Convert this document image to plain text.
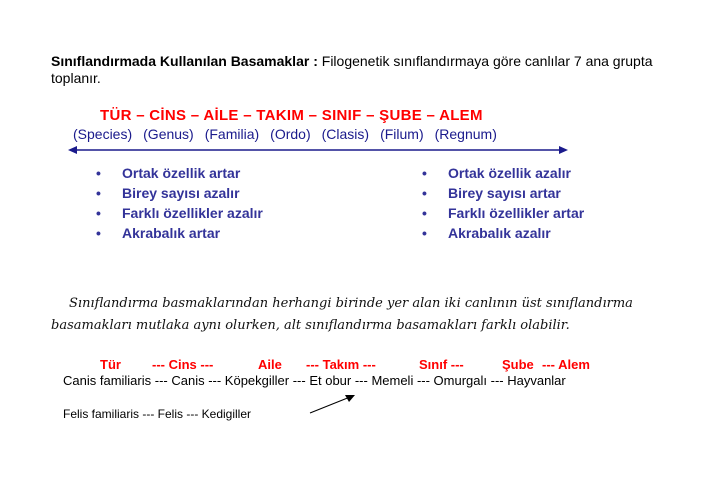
Sınıflandırmada Kullanılan Basamaklar : Filogenetik sınıflandırmaya göre canlılar 7 ana grupta toplanır.
TÜR – CİNS – AİLE – TAKIM – SINIF – ŞUBE – ALEM
(Species) (Genus) (Familia) (Ordo) (Clasis) (Filum) (Regnum)
• Ortak özellik artar
• Birey sayısı azalır
• Farklı özellikler azalır
• Akrabalık artar
• Ortak özellik azalır
• Birey sayısı artar
• Farklı özellikler artar
• Akrabalık azalır
Sınıflandırma basmaklarından herhangi birinde yer alan iki canlının üst sınıflandırma basamakları mutlaka aynı olurken, alt sınıflandırma basamakları farklı olabilir.
Tür --- Cins ---	Aile --- Takım ---	Sınıf ---	Şube --- Alem
Canis familiaris --- Canis --- Köpekgiller --- Et obur --- Memeli --- Omurgalı --- Hayvanlar
Felis familiaris --- Felis --- Kedigiller
